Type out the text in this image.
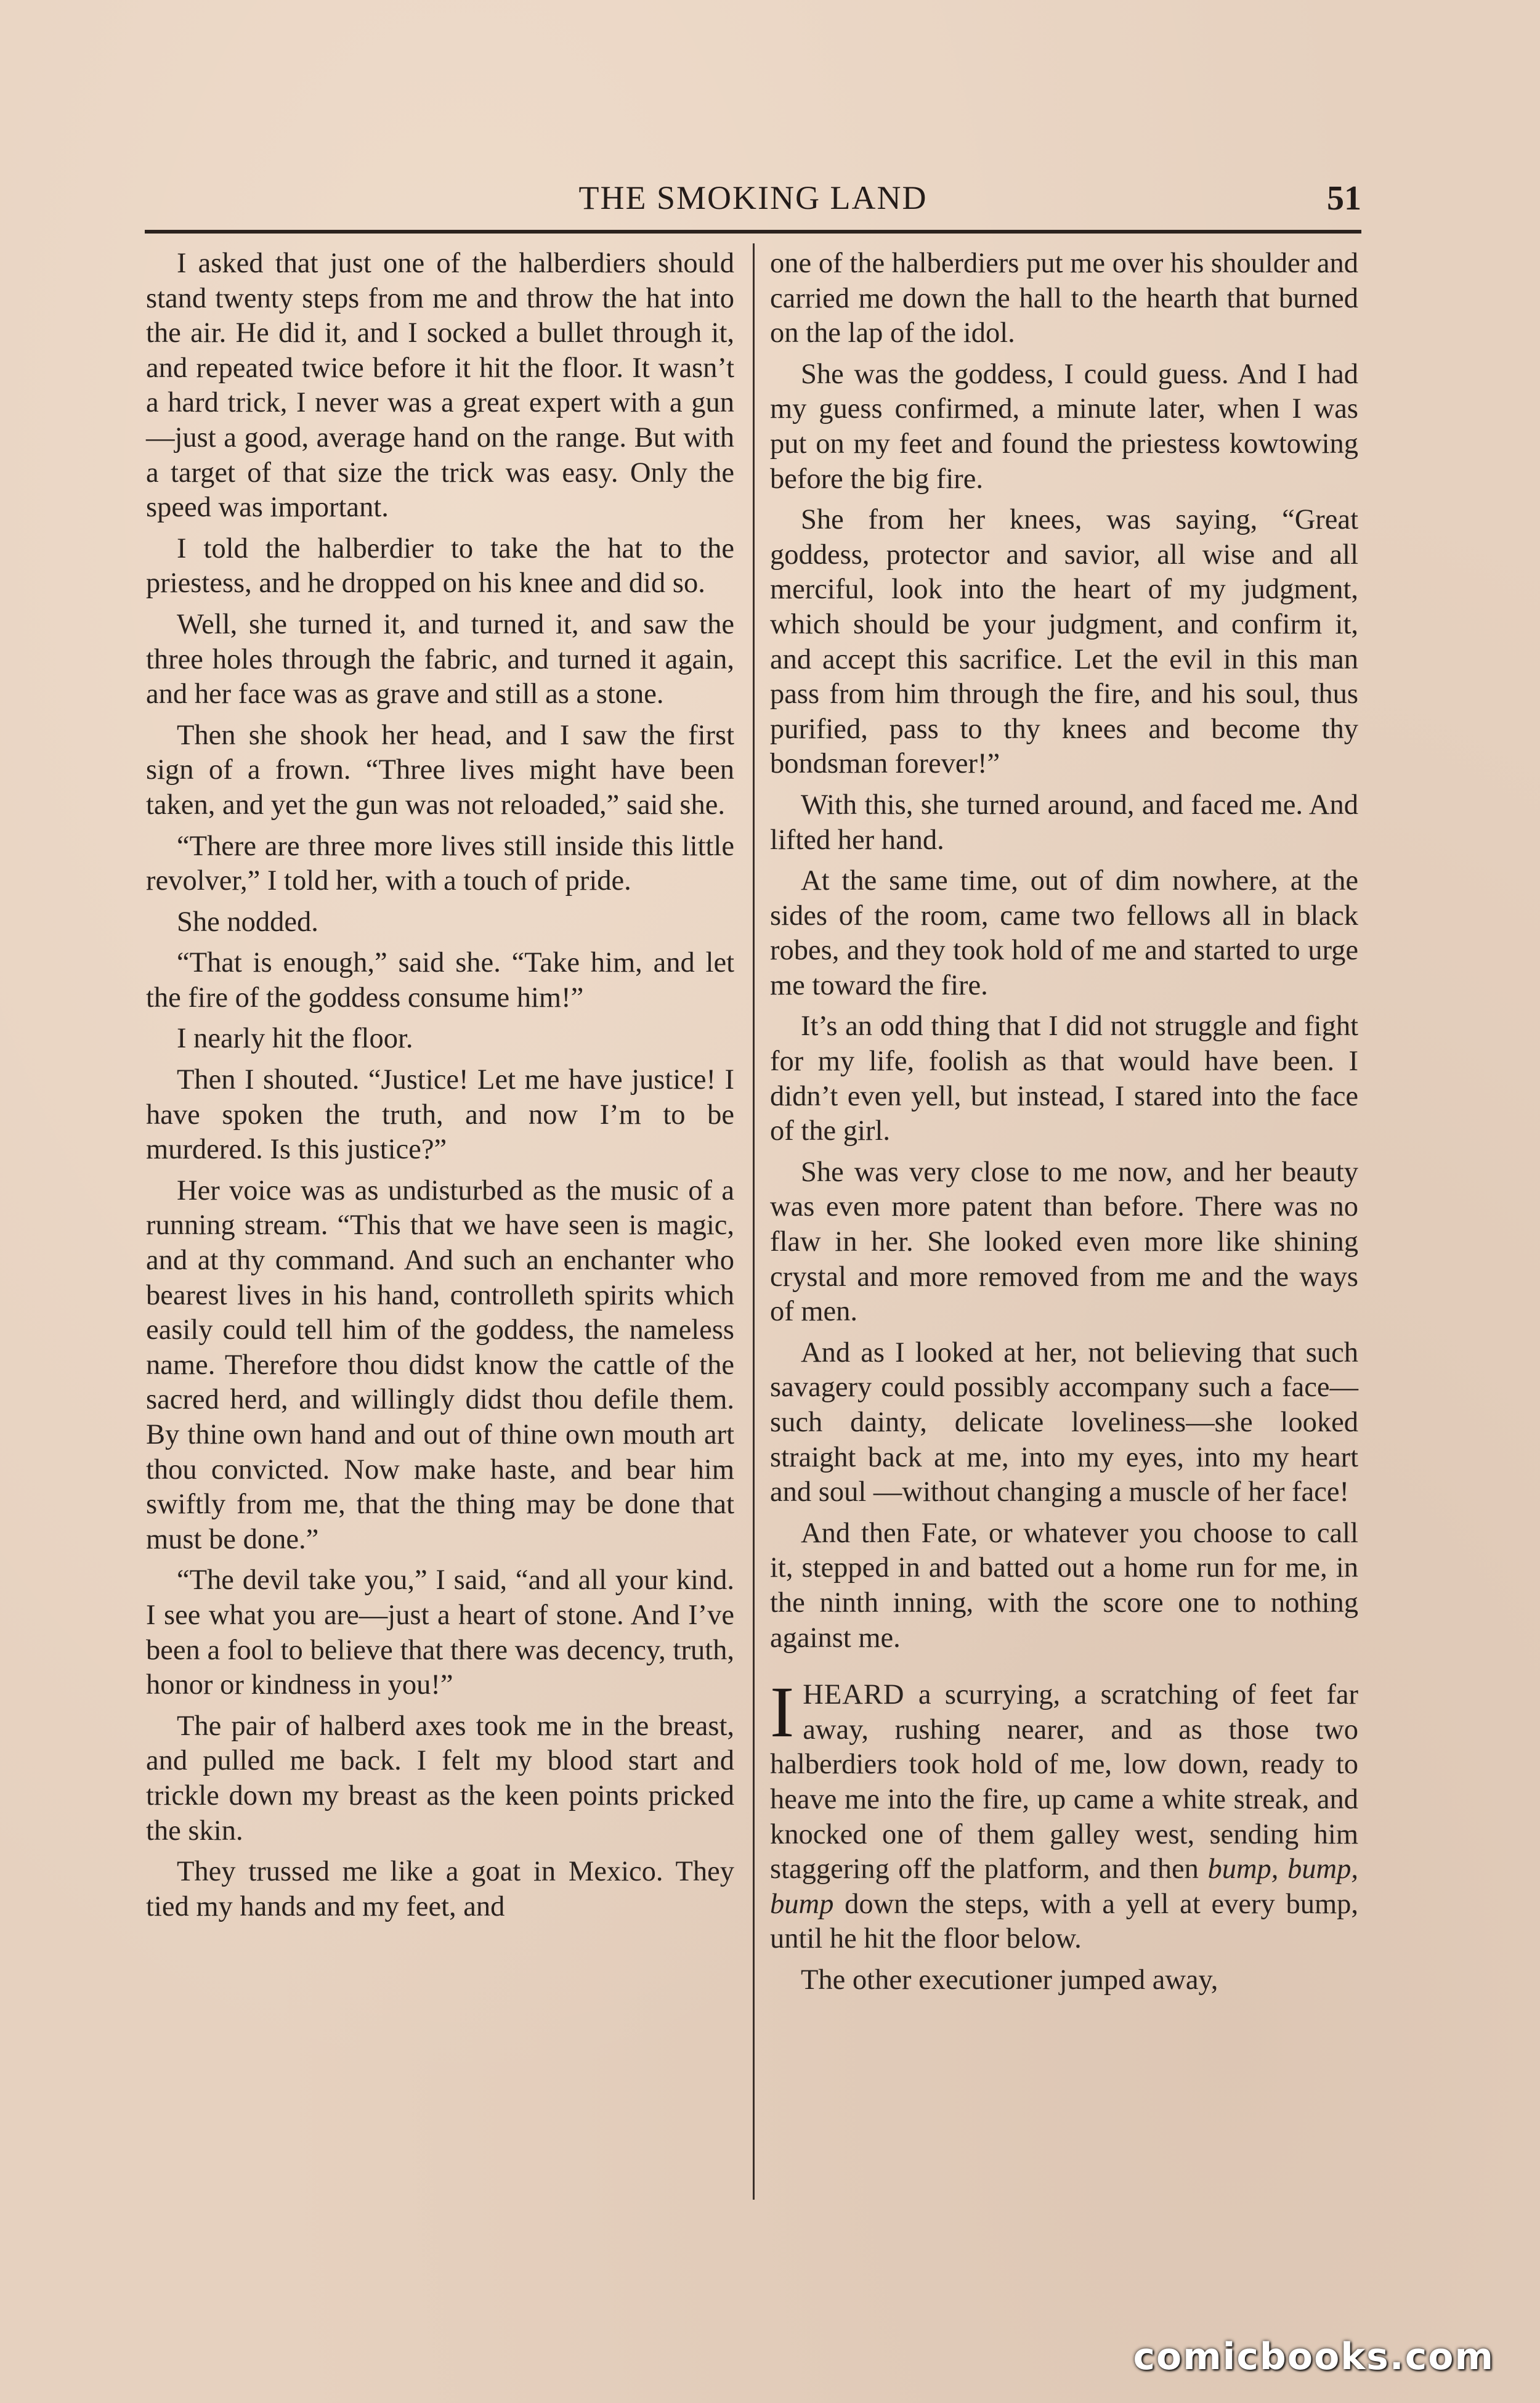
THE SMOKING LAND	51

I asked that just one of the halberdiers should stand twenty steps from me and throw the hat into the air. He did it, and I socked a bullet through it, and repeated twice before it hit the floor. It wasn’t a hard trick, I never was a great expert with a gun—just a good, average hand on the range. But with a target of that size the trick was easy. Only the speed was important.

I told the halberdier to take the hat to the priestess, and he dropped on his knee and did so.

Well, she turned it, and turned it, and saw the three holes through the fabric, and turned it again, and her face was as grave and still as a stone.

Then she shook her head, and I saw the first sign of a frown. “Three lives might have been taken, and yet the gun was not reloaded,” said she.

“There are three more lives still inside this little revolver,” I told her, with a touch of pride.

She nodded.

“That is enough,” said she. “Take him, and let the fire of the goddess consume him!”

I nearly hit the floor.

Then I shouted. “Justice! Let me have justice! I have spoken the truth, and now I’m to be murdered. Is this justice?”

Her voice was as undisturbed as the music of a running stream. “This that we have seen is magic, and at thy command. And such an enchanter who bearest lives in his hand, controlleth spirits which easily could tell him of the goddess, the nameless name. Therefore thou didst know the cattle of the sacred herd, and willingly didst thou defile them. By thine own hand and out of thine own mouth art thou convicted. Now make haste, and bear him swiftly from me, that the thing may be done that must be done.”

“The devil take you,” I said, “and all your kind. I see what you are—just a heart of stone. And I’ve been a fool to believe that there was decency, truth, honor or kindness in you!”

The pair of halberd axes took me in the breast, and pulled me back. I felt my blood start and trickle down my breast as the keen points pricked the skin.

They trussed me like a goat in Mexico. They tied my hands and my feet, and

one of the halberdiers put me over his shoulder and carried me down the hall to the hearth that burned on the lap of the idol.

She was the goddess, I could guess. And I had my guess confirmed, a minute later, when I was put on my feet and found the priestess kowtowing before the big fire.

She from her knees, was saying, “Great goddess, protector and savior, all wise and all merciful, look into the heart of my judgment, which should be your judgment, and confirm it, and accept this sacrifice. Let the evil in this man pass from him through the fire, and his soul, thus purified, pass to thy knees and become thy bondsman forever!”

With this, she turned around, and faced me. And lifted her hand.

At the same time, out of dim nowhere, at the sides of the room, came two fellows all in black robes, and they took hold of me and started to urge me toward the fire.

It’s an odd thing that I did not struggle and fight for my life, foolish as that would have been. I didn’t even yell, but instead, I stared into the face of the girl.

She was very close to me now, and her beauty was even more patent than before. There was no flaw in her. She looked even more like shining crystal and more removed from me and the ways of men.

And as I looked at her, not believing that such savagery could possibly accompany such a face—such dainty, delicate loveliness—she looked straight back at me, into my eyes, into my heart and soul —without changing a muscle of her face!

And then Fate, or whatever you choose to call it, stepped in and batted out a home run for me, in the ninth inning, with the score one to nothing against me.

IHEARD a scurrying, a scratching of feet far away, rushing nearer, and as those two halberdiers took hold of me, low down, ready to heave me into the fire, up came a white streak, and knocked one of them galley west, sending him staggering off the platform, and then bump, bump, bump down the steps, with a yell at every bump, until he hit the floor below.

The other executioner jumped away,

comicbooks.com
